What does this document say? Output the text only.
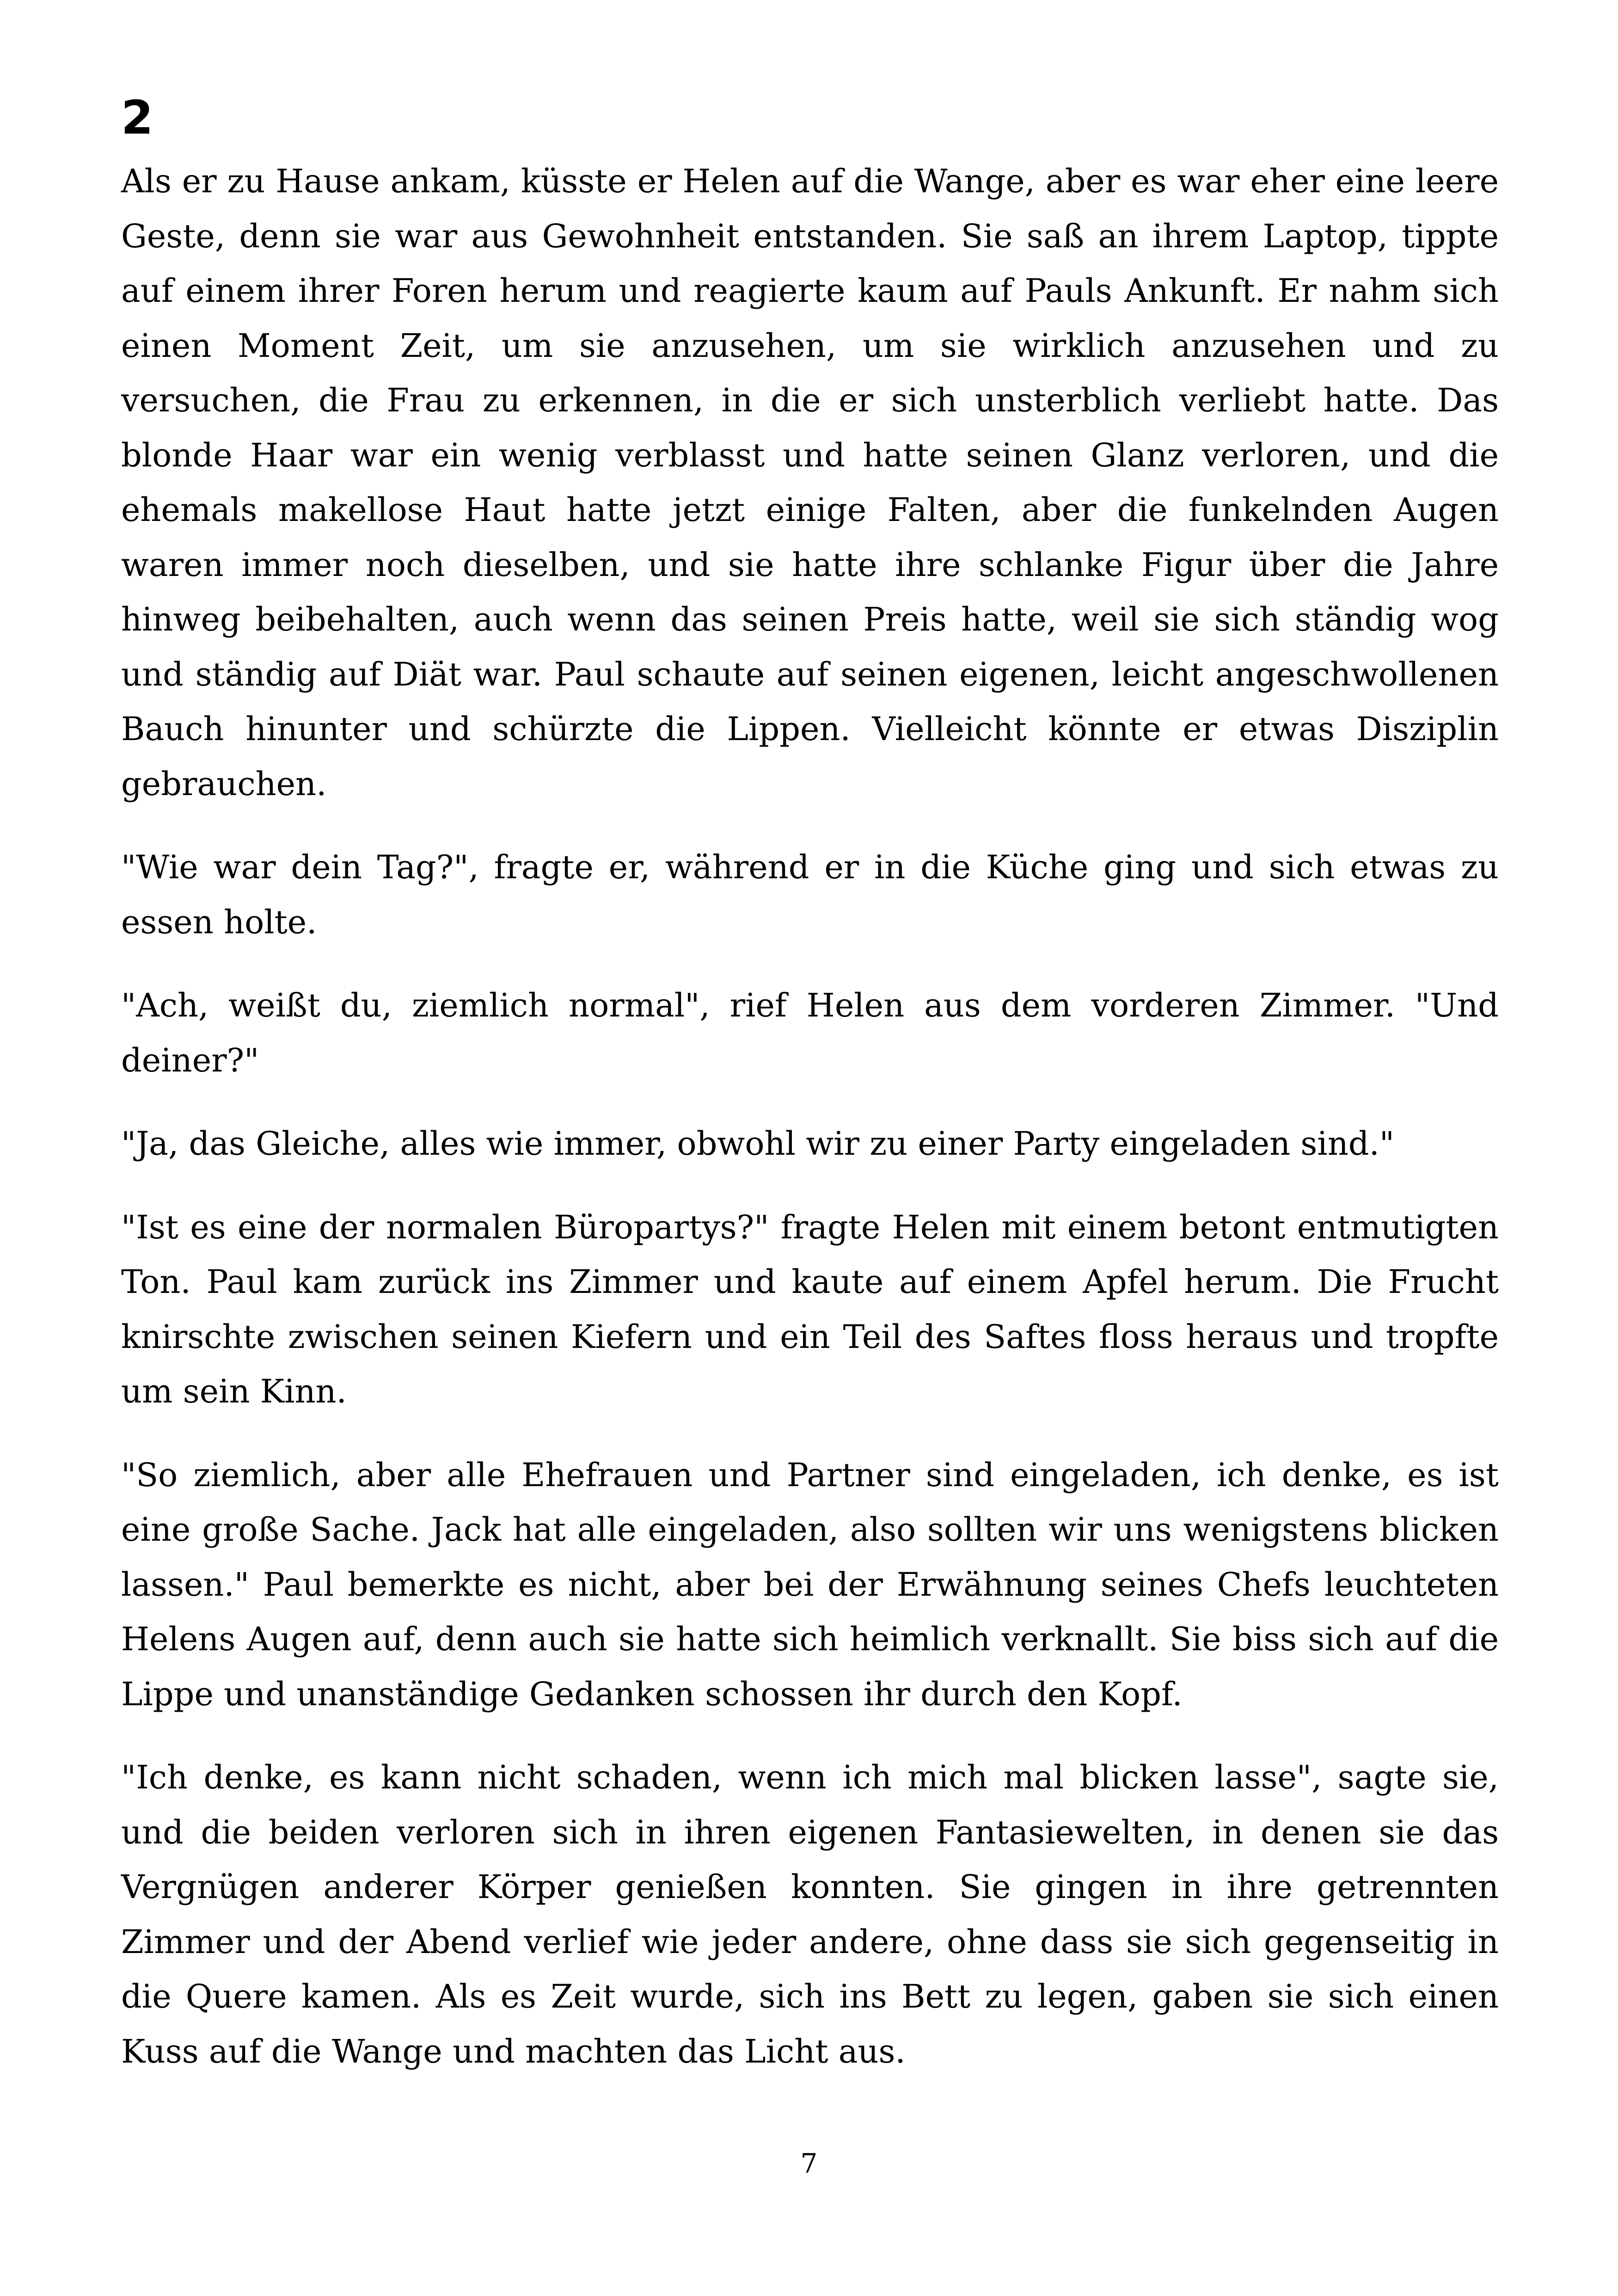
2

Als er zu Hause ankam, küsste er Helen auf die Wange, aber es war eher eine leere Geste, denn sie war aus Gewohnheit entstanden. Sie saß an ihrem Laptop, tippte auf einem ihrer Foren herum und reagierte kaum auf Pauls Ankunft. Er nahm sich einen Moment Zeit, um sie anzusehen, um sie wirklich anzusehen und zu versuchen, die Frau zu erkennen, in die er sich unsterblich verliebt hatte. Das blonde Haar war ein wenig verblasst und hatte seinen Glanz verloren, und die ehemals makellose Haut hatte jetzt einige Falten, aber die funkelnden Augen waren immer noch dieselben, und sie hatte ihre schlanke Figur über die Jahre hinweg beibehalten, auch wenn das seinen Preis hatte, weil sie sich ständig wog und ständig auf Diät war. Paul schaute auf seinen eigenen, leicht angeschwollenen Bauch hinunter und schürzte die Lippen. Vielleicht könnte er etwas Disziplin gebrauchen.

"Wie war dein Tag?", fragte er, während er in die Küche ging und sich etwas zu essen holte.

"Ach, weißt du, ziemlich normal", rief Helen aus dem vorderen Zimmer. "Und deiner?"

"Ja, das Gleiche, alles wie immer, obwohl wir zu einer Party eingeladen sind."

"Ist es eine der normalen Büropartys?" fragte Helen mit einem betont entmutigten Ton. Paul kam zurück ins Zimmer und kaute auf einem Apfel herum. Die Frucht knirschte zwischen seinen Kiefern und ein Teil des Saftes floss heraus und tropfte um sein Kinn.

"So ziemlich, aber alle Ehefrauen und Partner sind eingeladen, ich denke, es ist eine große Sache. Jack hat alle eingeladen, also sollten wir uns wenigstens blicken lassen." Paul bemerkte es nicht, aber bei der Erwähnung seines Chefs leuchteten Helens Augen auf, denn auch sie hatte sich heimlich verknallt. Sie biss sich auf die Lippe und unanständige Gedanken schossen ihr durch den Kopf.

"Ich denke, es kann nicht schaden, wenn ich mich mal blicken lasse", sagte sie, und die beiden verloren sich in ihren eigenen Fantasiewelten, in denen sie das Vergnügen anderer Körper genießen konnten. Sie gingen in ihre getrennten Zimmer und der Abend verlief wie jeder andere, ohne dass sie sich gegenseitig in die Quere kamen. Als es Zeit wurde, sich ins Bett zu legen, gaben sie sich einen Kuss auf die Wange und machten das Licht aus.

7
